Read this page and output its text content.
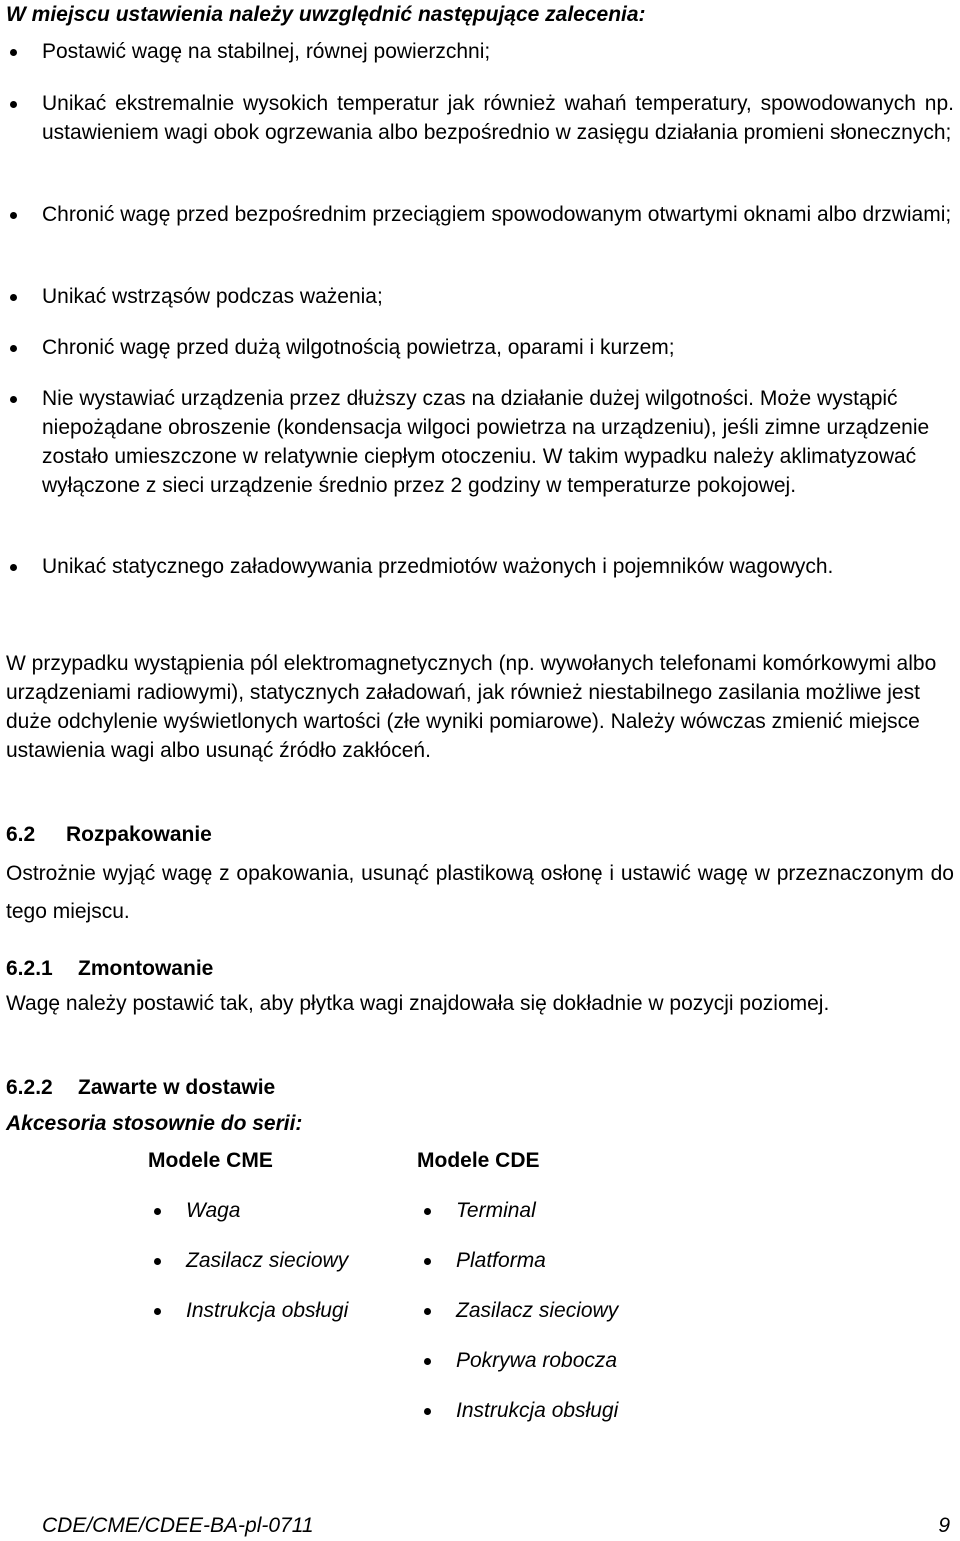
W miejscu ustawienia należy uwzględnić następujące zalecenia:
Postawić wagę na stabilnej, równej powierzchni;
Unikać ekstremalnie wysokich temperatur jak również wahań temperatury, spowodowanych np. ustawieniem wagi obok ogrzewania albo bezpośrednio w zasięgu działania promieni słonecznych;
Chronić wagę przed bezpośrednim przeciągiem spowodowanym otwartymi oknami albo drzwiami;
Unikać wstrząsów podczas ważenia;
Chronić wagę przed dużą wilgotnością powietrza, oparami i kurzem;
Nie wystawiać urządzenia przez dłuższy czas na działanie dużej wilgotności. Może wystąpić niepożądane obroszenie (kondensacja wilgoci powietrza na urządzeniu), jeśli zimne urządzenie zostało umieszczone w relatywnie ciepłym otoczeniu. W takim wypadku należy aklimatyzować wyłączone z sieci urządzenie średnio przez 2 godziny w temperaturze pokojowej.
Unikać statycznego załadowywania przedmiotów ważonych i pojemników wagowych.
W przypadku wystąpienia pól elektromagnetycznych (np. wywołanych telefonami komórkowymi albo urządzeniami radiowymi), statycznych załadowań, jak również niestabilnego zasilania możliwe jest duże odchylenie wyświetlonych wartości (złe wyniki pomiarowe). Należy wówczas zmienić miejsce ustawienia wagi albo usunąć źródło zakłóceń.
6.2 Rozpakowanie
Ostrożnie wyjąć wagę z opakowania, usunąć plastikową osłonę i ustawić wagę w przeznaczonym do tego miejscu.
6.2.1 Zmontowanie
Wagę należy postawić tak, aby płytka wagi znajdowała się dokładnie w pozycji poziomej.
6.2.2 Zawarte w dostawie
Akcesoria stosownie do serii:
Modele CME	Modele CDE
Waga
Zasilacz sieciowy
Instrukcja obsługi
Terminal
Platforma
Zasilacz sieciowy
Pokrywa robocza
Instrukcja obsługi
CDE/CME/CDEE-BA-pl-0711	9
